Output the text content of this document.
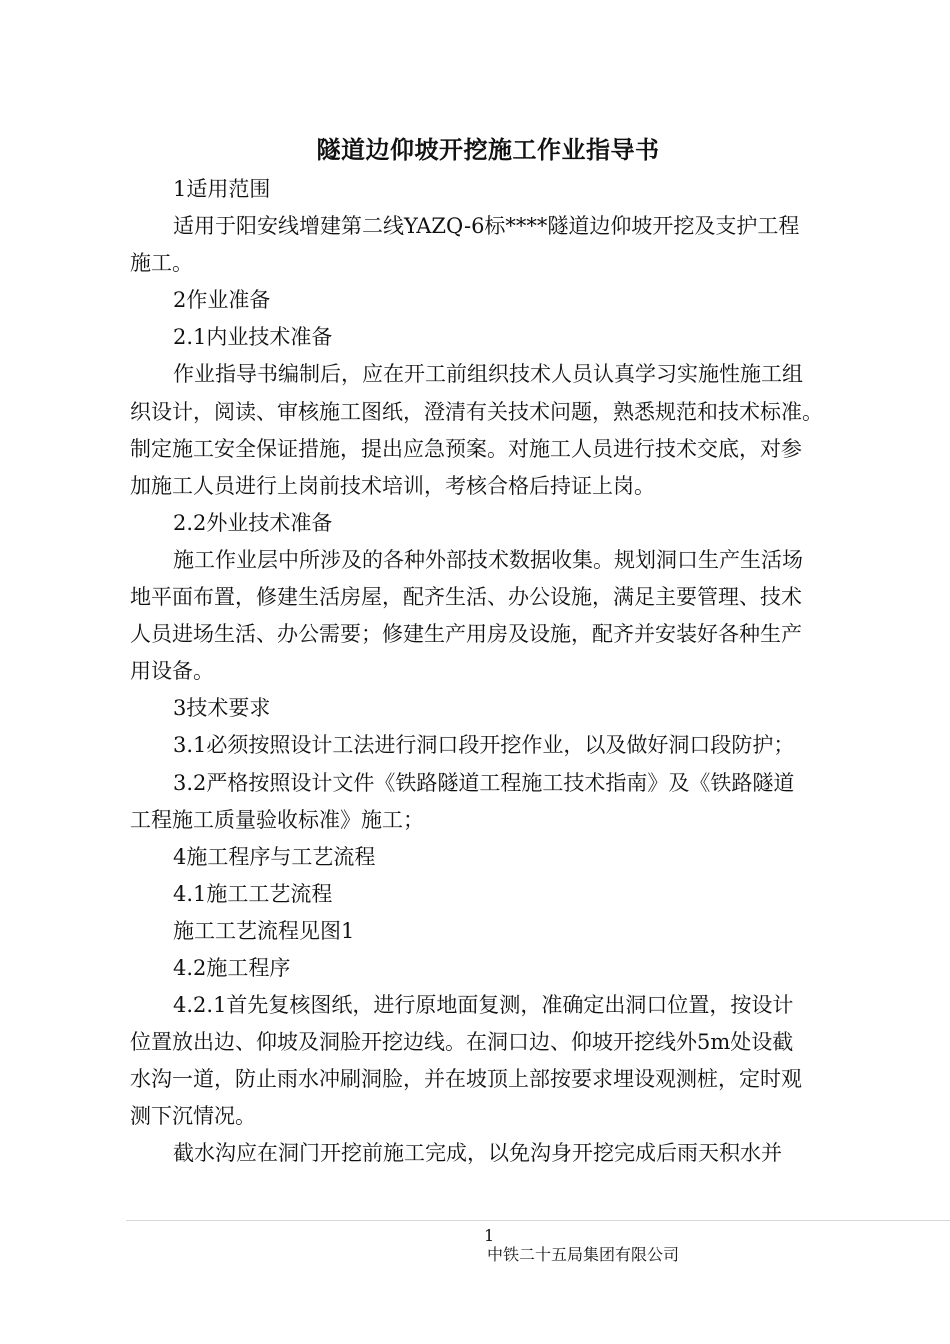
隧道边仰坡开挖施工作业指导书

1适用范围

适用于阳安线增建第二线YAZQ-6标****隧道边仰坡开挖及支护工程

施工。

2作业准备

2.1内业技术准备

作业指导书编制后，应在开工前组织技术人员认真学习实施性施工组

织设计，阅读、审核施工图纸，澄清有关技术问题，熟悉规范和技术标准。

制定施工安全保证措施，提出应急预案。对施工人员进行技术交底，对参

加施工人员进行上岗前技术培训，考核合格后持证上岗。

2.2外业技术准备

施工作业层中所涉及的各种外部技术数据收集。规划洞口生产生活场

地平面布置，修建生活房屋，配齐生活、办公设施，满足主要管理、技术

人员进场生活、办公需要；修建生产用房及设施，配齐并安装好各种生产

用设备。

3技术要求

3.1必须按照设计工法进行洞口段开挖作业，以及做好洞口段防护；

3.2严格按照设计文件《铁路隧道工程施工技术指南》及《铁路隧道

工程施工质量验收标准》施工；

4施工程序与工艺流程

4.1施工工艺流程

施工工艺流程见图1

4.2施工程序

4.2.1首先复核图纸，进行原地面复测，准确定出洞口位置，按设计

位置放出边、仰坡及洞脸开挖边线。在洞口边、仰坡开挖线外5m处设截

水沟一道，防止雨水冲刷洞脸，并在坡顶上部按要求埋设观测桩，定时观

测下沉情况。

截水沟应在洞门开挖前施工完成，以免沟身开挖完成后雨天积水并

1
中铁二十五局集团有限公司
